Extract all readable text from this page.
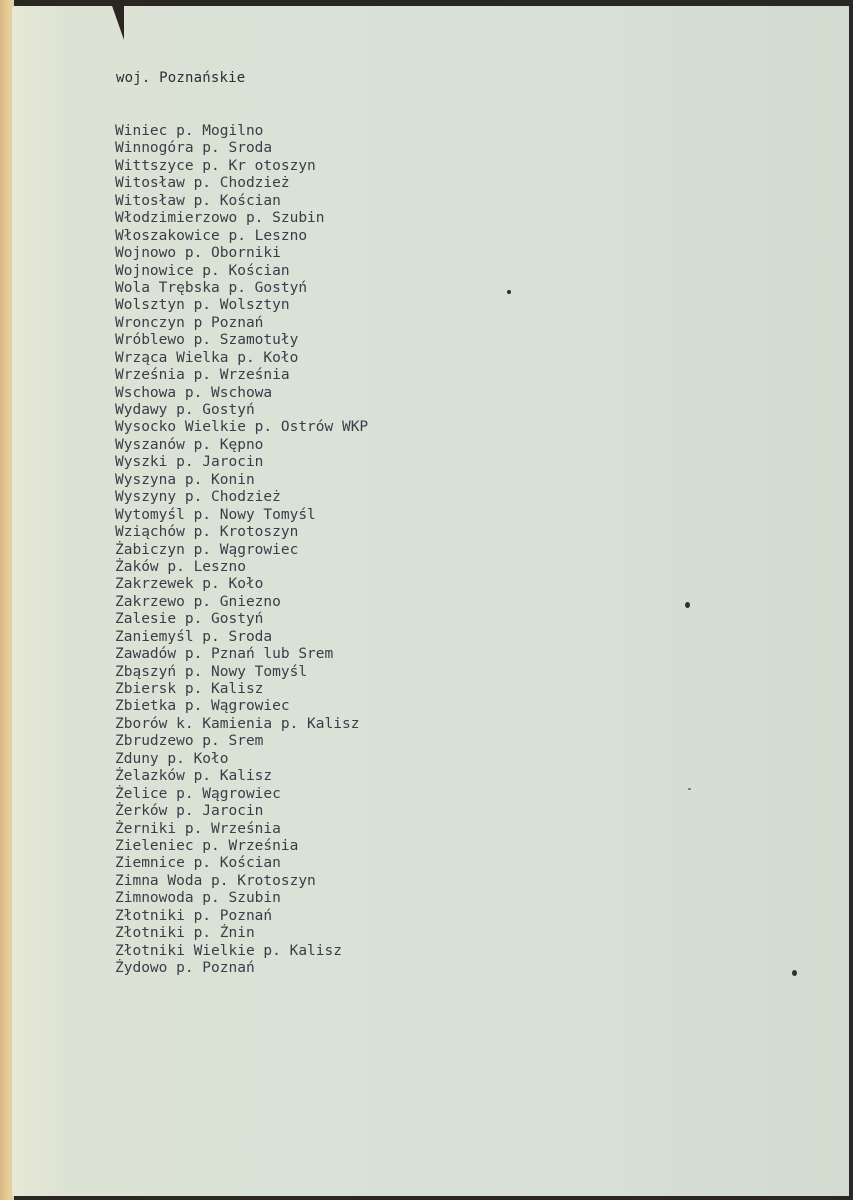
woj. Poznańskie
Winiec p. Mogilno
Winnogóra p. Sroda
Wittszyce p. Kr otoszyn
Witosław p. Chodzież
Witosław p. Kościan
Włodzimierzowo p. Szubin
Włoszakowice p. Leszno
Wojnowo p. Oborniki
Wojnowice p. Kościan
Wola Trębska p. Gostyń
Wolsztyn p. Wolsztyn
Wronczyn p Poznań
Wróblewo p. Szamotuły
Wrząca Wielka p. Koło
Września p. Września
Wschowa p. Wschowa
Wydawy p. Gostyń
Wysocko Wielkie p. Ostrów WKP
Wyszanów p. Kępno
Wyszki p. Jarocin
Wyszyna p. Konin
Wyszyny p. Chodzież
Wytomyśl p. Nowy Tomyśl
Wziąchów p. Krotoszyn
Żabiczyn p. Wągrowiec
Żaków p. Leszno
Zakrzewek p. Koło
Zakrzewo p. Gniezno
Zalesie p. Gostyń
Zaniemyśl p. Sroda
Zawadów p. Pznań lub Srem
Zbąszyń p. Nowy Tomyśl
Zbiersk p. Kalisz
Zbietka p. Wągrowiec
Zborów k. Kamienia p. Kalisz
Zbrudzewo p. Srem
Zduny p. Koło
Żelazków p. Kalisz
Żelice p. Wągrowiec
Żerków p. Jarocin
Żerniki p. Września
Zieleniec p. Września
Ziemnice p. Kościan
Zimna Woda p. Krotoszyn
Zimnowoda p. Szubin
Złotniki p. Poznań
Złotniki p. Żnin
Złotniki Wielkie p. Kalisz
Żydowo p. Poznań
